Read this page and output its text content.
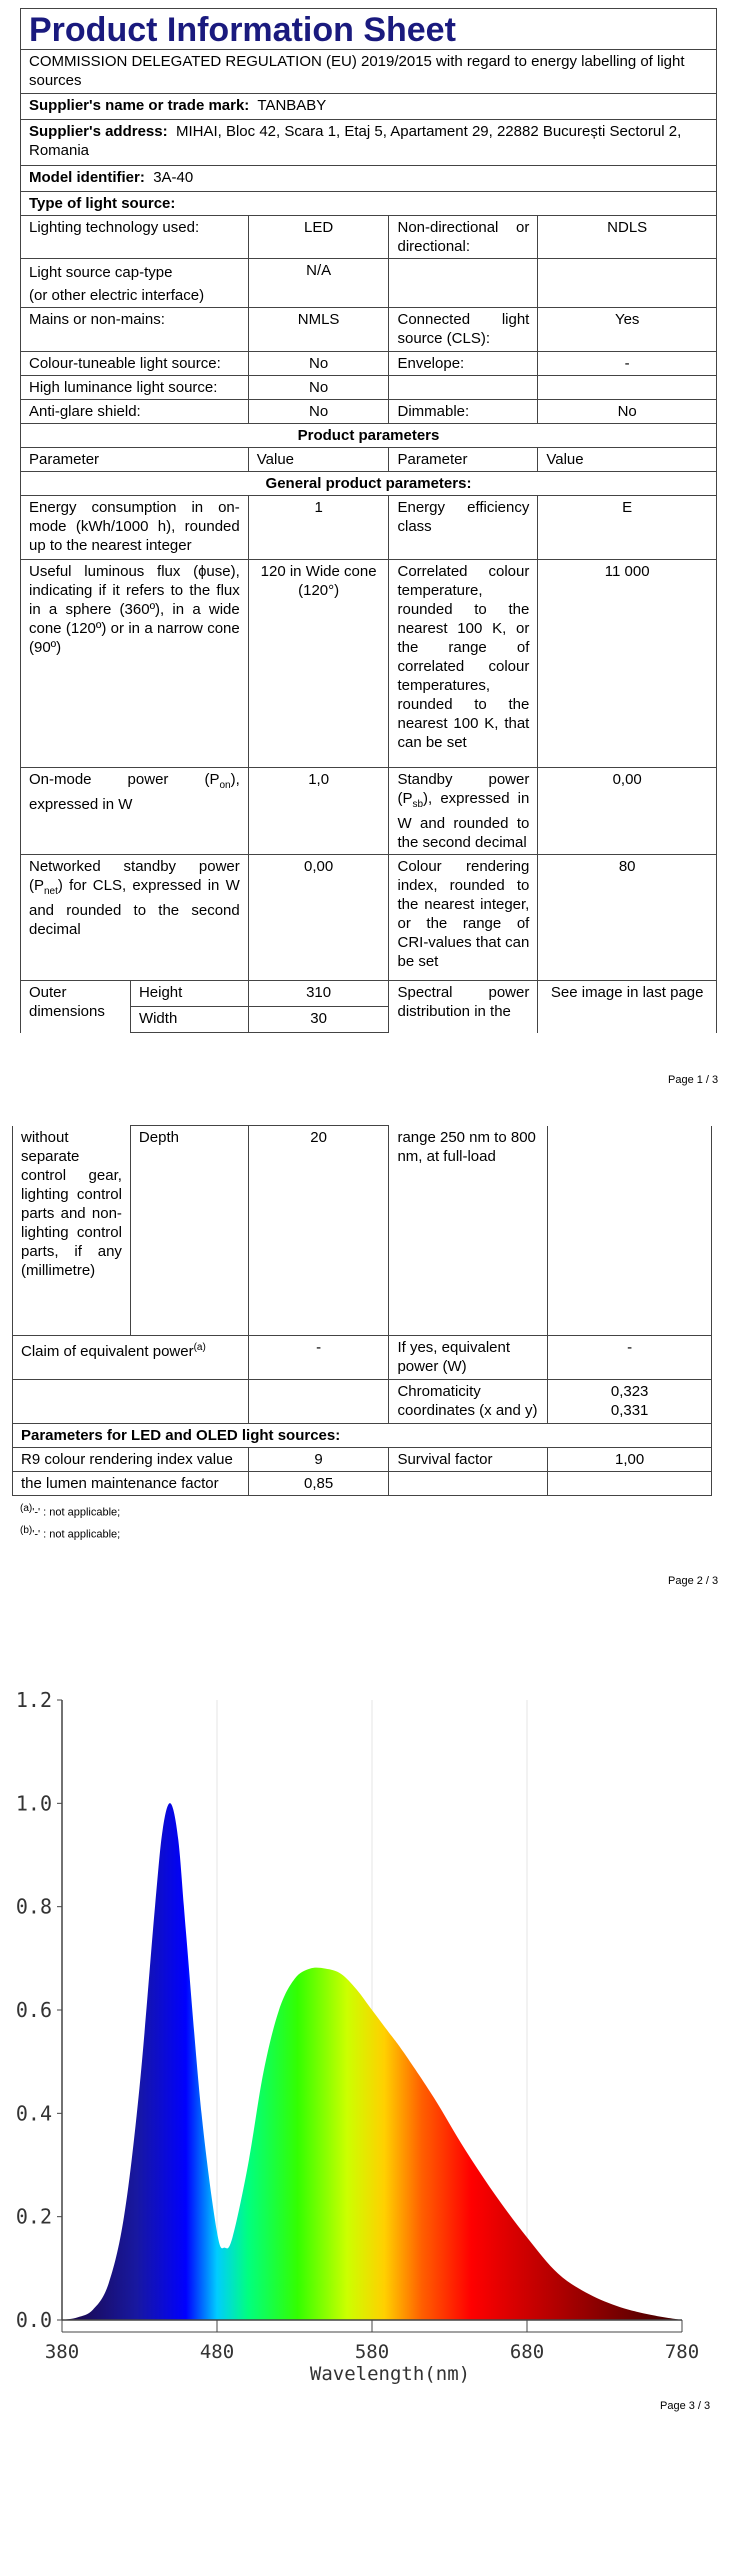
Product Information Sheet				

COMMISSION DELEGATED REGULATION (EU) 2019/2015 with regard to energy labelling of light sources				
Supplier's name or trade mark: TANBABY				
Supplier's address: MIHAI, Bloc 42, Scara 1, Etaj 5, Apartament 29, 22882 București Sectorul 2, Romania				
Model identifier: 3A-40				
Type of light source:				
Lighting technology used:		LED	Non-directional or directional:	NDLS

Light source cap-type
(or other electric interface)		N/A		
Mains or non-mains:		NMLS	Connected light source (CLS):	Yes
Colour-tuneable light source:		No	Envelope:	-
High luminance light source:		No		
Anti-glare shield:		No	Dimmable:	No
Product parameters				
Parameter		Value	Parameter	Value
General product parameters:				
Energy consumption in on-mode (kWh/1000 h), rounded up to the nearest integer		1	Energy efficiency class	E
Useful luminous flux (ɸuse), indicating if it refers to the flux in a sphere (360º), in a wide cone (120º) or in a narrow cone (90º)		120 in Wide cone (120°)	Correlated colour temperature, rounded to the nearest 100 K, or the range of correlated colour temperatures, rounded to the nearest 100 K, that can be set	11 000
On-mode power $(P_{on})$, expressed in W		1,0	Standby power $(P_{sb})$, expressed in W and rounded to the second decimal	0,00
Networked standby power $(P_{net})$ for CLS, expressed in W and rounded to the second decimal		0,00	Colour rendering index, rounded to the nearest integer, or the range of CRI-values that can be set	80
Outer dimensions	Height	310	Spectral power distribution in the	See image in last page
	Width	30		
Page 1 / 3
without separate control gear, lighting control parts and non-lighting control parts, if any (millimetre)	Depth	20	range 250 nm to 800 nm, at full-load	
Claim of equivalent power$^{(a)}$		-	If yes, equivalent power (W)	-
			Chromaticity coordinates (x and y)	0,323
0,331

Parameters for LED and OLED light sources:				
R9 colour rendering index value		9	Survival factor	1,00
the lumen maintenance factor		0,85		
$^{(a)}$'-' : not applicable;
$^{(b)}$'-' : not applicable;
Page 2 / 3
0.0
0.2
0.4
0.6
0.8
1.0
1.2
380	480	580	680	780
Wavelength(nm)
Page 3 / 3
